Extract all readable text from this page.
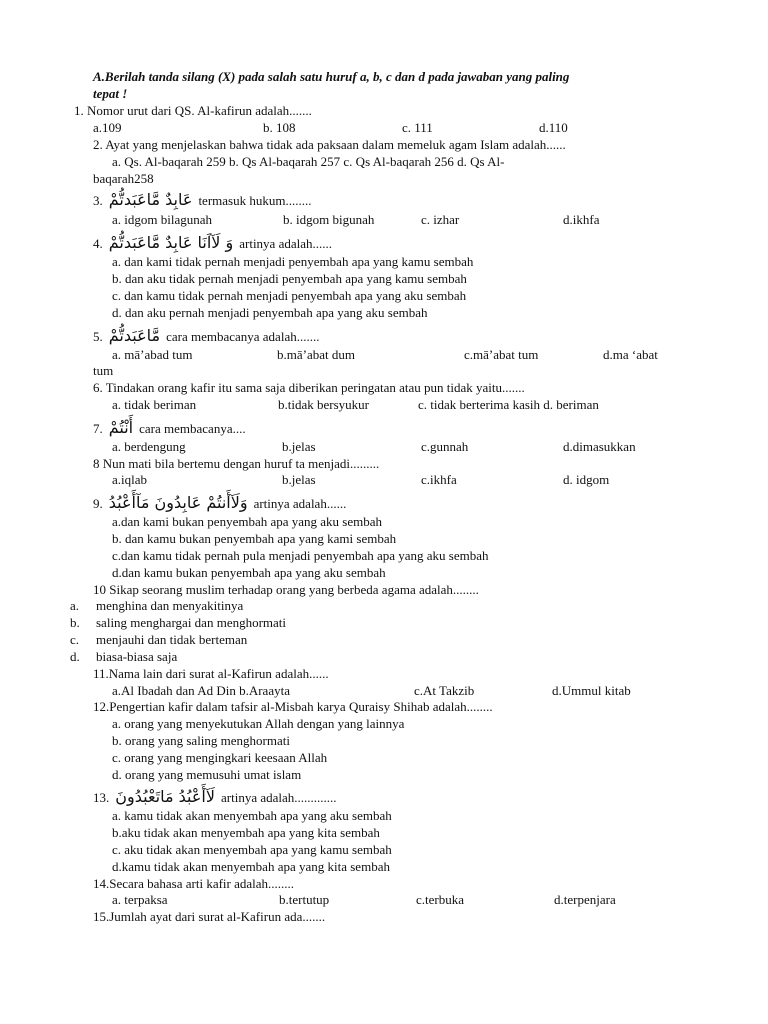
A.Berilah tanda silang (X) pada salah satu huruf a, b, c dan d pada jawaban yang paling
tepat !
1. Nomor urut dari QS. Al-kafirun adalah.......
a.109	b. 108	c. 111	d.110
2. Ayat yang menjelaskan bahwa tidak ada paksaan dalam memeluk agam Islam adalah......
a. Qs. Al-baqarah 259 b. Qs Al-baqarah 257 c. Qs Al-baqarah 256 d. Qs Al-
baqarah258
3. عَابِدٌ مَّاعَبَدتُّمْ termasuk hukum........
a. idgom bilagunah	b. idgom bigunah	c. izhar	d.ikhfa
4. وَ لَآاَنَا عَابِدٌ مَّاعَبَدتُّمْ artinya adalah......
a. dan kami tidak pernah menjadi penyembah apa yang kamu sembah
b. dan aku tidak pernah menjadi penyembah apa yang kamu sembah
c. dan kamu tidak pernah menjadi penyembah apa yang aku sembah
d. dan aku pernah menjadi penyembah apa yang aku sembah
5. مَّاعَبَدتُّمْ cara membacanya adalah.......
a. mā’abad tum	b.mā’abat dum	c.mā’abat tum	d.ma ‘abat
tum
6. Tindakan orang kafir itu sama saja diberikan peringatan atau pun tidak yaitu.......
a. tidak beriman	b.tidak bersyukur	c. tidak berterima kasih d. beriman
7. أَنْتُمْ cara membacanya....
a. berdengung	b.jelas	c.gunnah	d.dimasukkan
8 Nun mati bila bertemu dengan huruf ta menjadi.........
a.iqlab	b.jelas	c.ikhfa	d. idgom
9. وَلَآأَنتُمْ عَابِدُونَ مَآأَعْبُدُ artinya adalah......
a.dan kami bukan penyembah apa yang aku sembah
b. dan kamu bukan penyembah apa yang kami sembah
c.dan kamu tidak pernah pula menjadi penyembah apa yang aku sembah
d.dan kamu bukan penyembah apa yang aku sembah
10 Sikap seorang muslim terhadap orang yang berbeda agama adalah........
a. menghina dan menyakitinya
b. saling menghargai dan menghormati
c. menjauhi dan tidak berteman
d. biasa-biasa saja
11.Nama lain dari surat al-Kafirun adalah......
a.Al Ibadah dan Ad Din b.Araayta	c.At Takzib	d.Ummul kitab
12.Pengertian kafir dalam tafsir al-Misbah karya Quraisy Shihab adalah........
a. orang yang menyekutukan Allah dengan yang lainnya
b. orang yang saling menghormati
c. orang yang mengingkari keesaan Allah
d. orang yang memusuhi umat islam
13. لَآأَعْبُدُ مَاتَعْبُدُونَ artinya adalah.............
a. kamu tidak akan menyembah apa yang aku sembah
b.aku tidak akan menyembah apa yang kita sembah
c. aku tidak akan menyembah apa yang kamu sembah
d.kamu tidak akan menyembah apa yang kita sembah
14.Secara bahasa arti kafir adalah........
a. terpaksa	b.tertutup	c.terbuka	d.terpenjara
15.Jumlah ayat dari surat al-Kafirun ada.......
